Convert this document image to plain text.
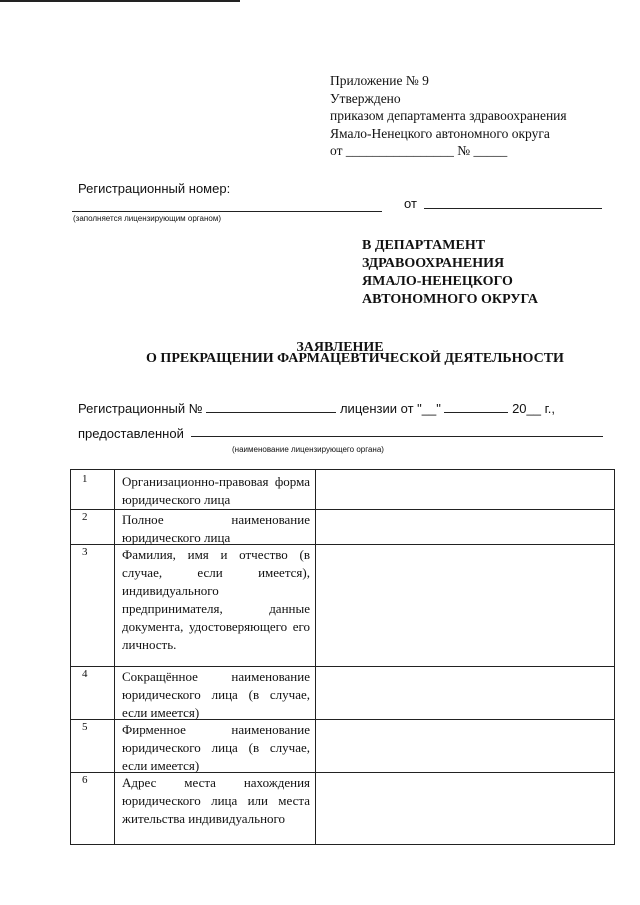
Приложение № 9
Утверждено
приказом департамента здравоохранения
Ямало-Ненецкого автономного округа
от ________________ № _____
Регистрационный номер:
(заполняется лицензирующим органом)
от
В ДЕПАРТАМЕНТ
ЗДРАВООХРАНЕНИЯ
ЯМАЛО-НЕНЕЦКОГО
АВТОНОМНОГО ОКРУГА
ЗАЯВЛЕНИЕ
О ПРЕКРАЩЕНИИ ФАРМАЦЕВТИЧЕСКОЙ ДЕЯТЕЛЬНОСТИ
Регистрационный №	лицензии от "__"	20__ г.,
предоставленной
(наименование лицензирующего органа)
1	Организационно-правовая форма юридического лица
2	Полное наименование юридического лица
3	Фамилия, имя и отчество (в случае, если имеется), индивидуального предпринимателя, данные документа, удостоверяющего его личность.
4	Сокращённое наименование юридического лица (в случае, если имеется)
5	Фирменное наименование юридического лица (в случае, если имеется)
6	Адрес места нахождения юридического лица или места жительства индивидуального
